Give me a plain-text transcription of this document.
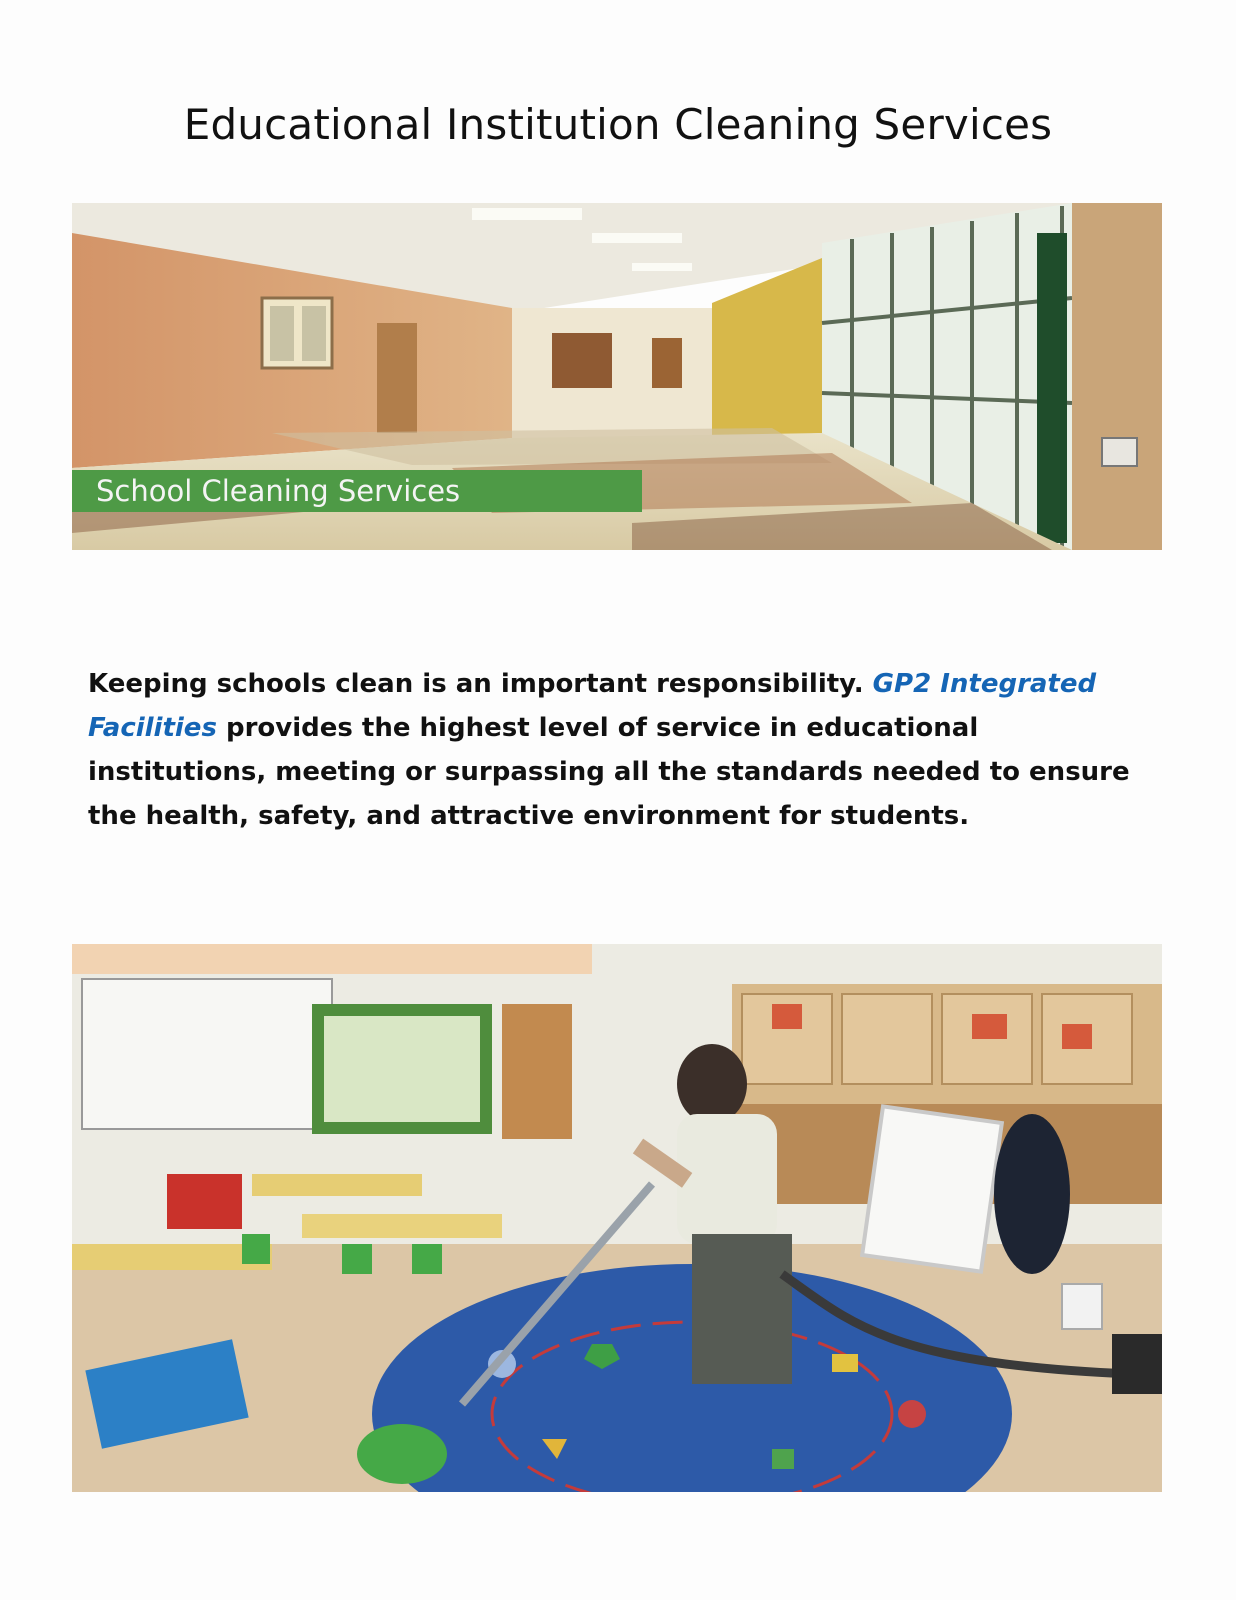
Educational Institution Cleaning Services
School Cleaning Services

Keeping schools clean is an important responsibility. GP2 Integrated Facilities provides the highest level of service in educational institutions, meeting or surpassing all the standards needed to ensure the health, safety, and attractive environment for students.
